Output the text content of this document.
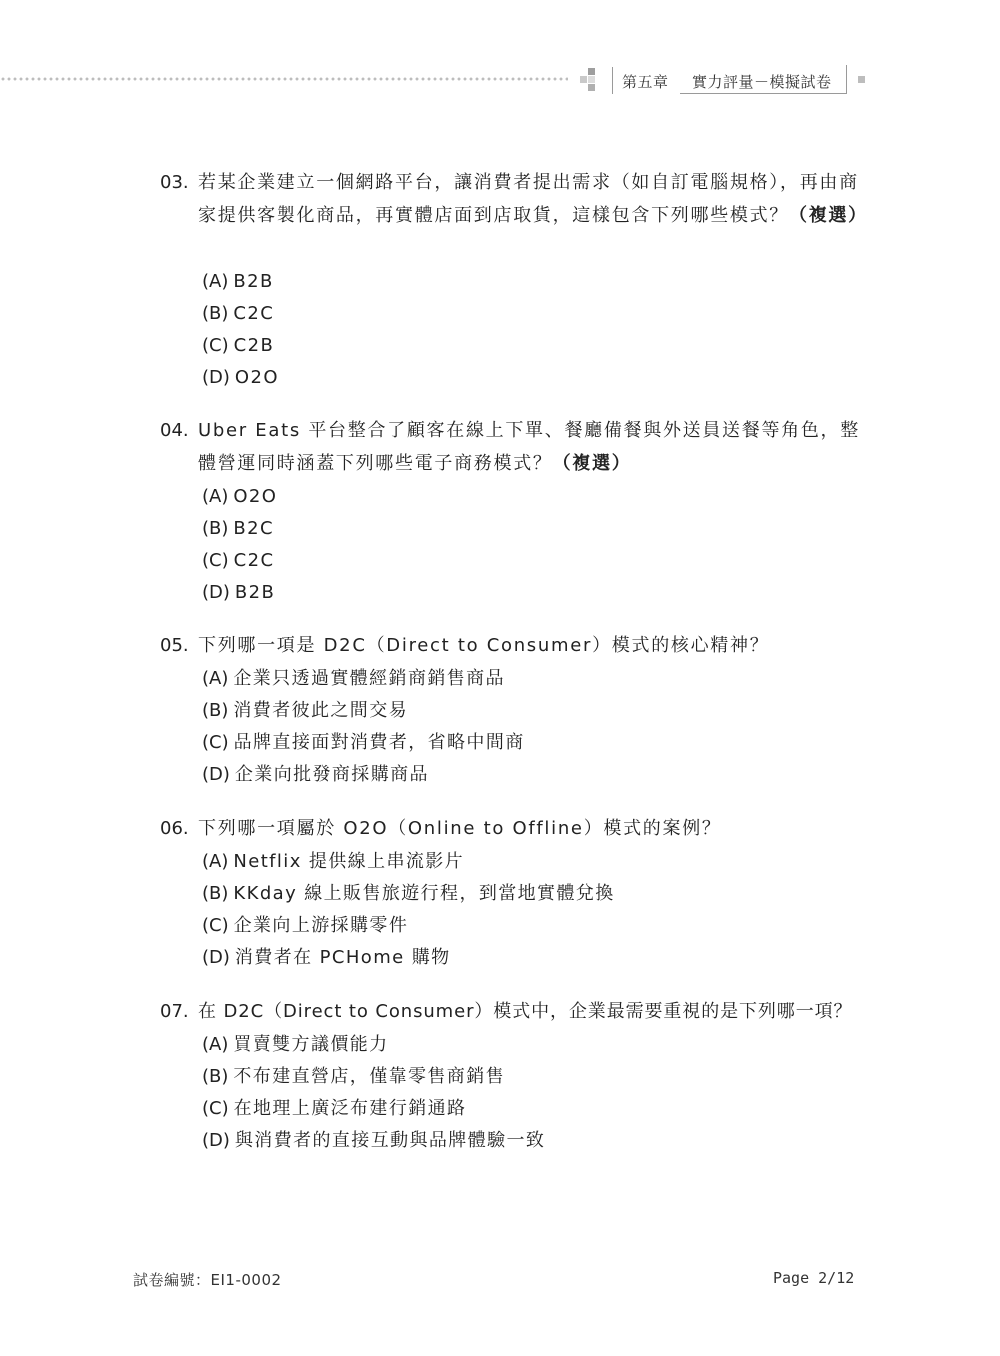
第五章 實力評量－模擬試卷
03. 若某企業建立一個網路平台，讓消費者提出需求（如自訂電腦規格），再由商家提供客製化商品，再實體店面到店取貨，這樣包含下列哪些模式？（複選）
(A) B2B
(B) C2C
(C) C2B
(D) O2O
04. Uber Eats 平台整合了顧客在線上下單、餐廳備餐與外送員送餐等角色，整體營運同時涵蓋下列哪些電子商務模式？（複選）
(A) O2O
(B) B2C
(C) C2C
(D) B2B
05. 下列哪一項是 D2C（Direct to Consumer）模式的核心精神？
(A) 企業只透過實體經銷商銷售商品
(B) 消費者彼此之間交易
(C) 品牌直接面對消費者，省略中間商
(D) 企業向批發商採購商品
06. 下列哪一項屬於 O2O（Online to Offline）模式的案例？
(A) Netflix 提供線上串流影片
(B) KKday 線上販售旅遊行程，到當地實體兌換
(C) 企業向上游採購零件
(D) 消費者在 PCHome 購物
07. 在 D2C（Direct to Consumer）模式中，企業最需要重視的是下列哪一項？
(A) 買賣雙方議價能力
(B) 不布建直營店，僅靠零售商銷售
(C) 在地理上廣泛布建行銷通路
(D) 與消費者的直接互動與品牌體驗一致
試卷編號：EI1-0002	Page 2/12
